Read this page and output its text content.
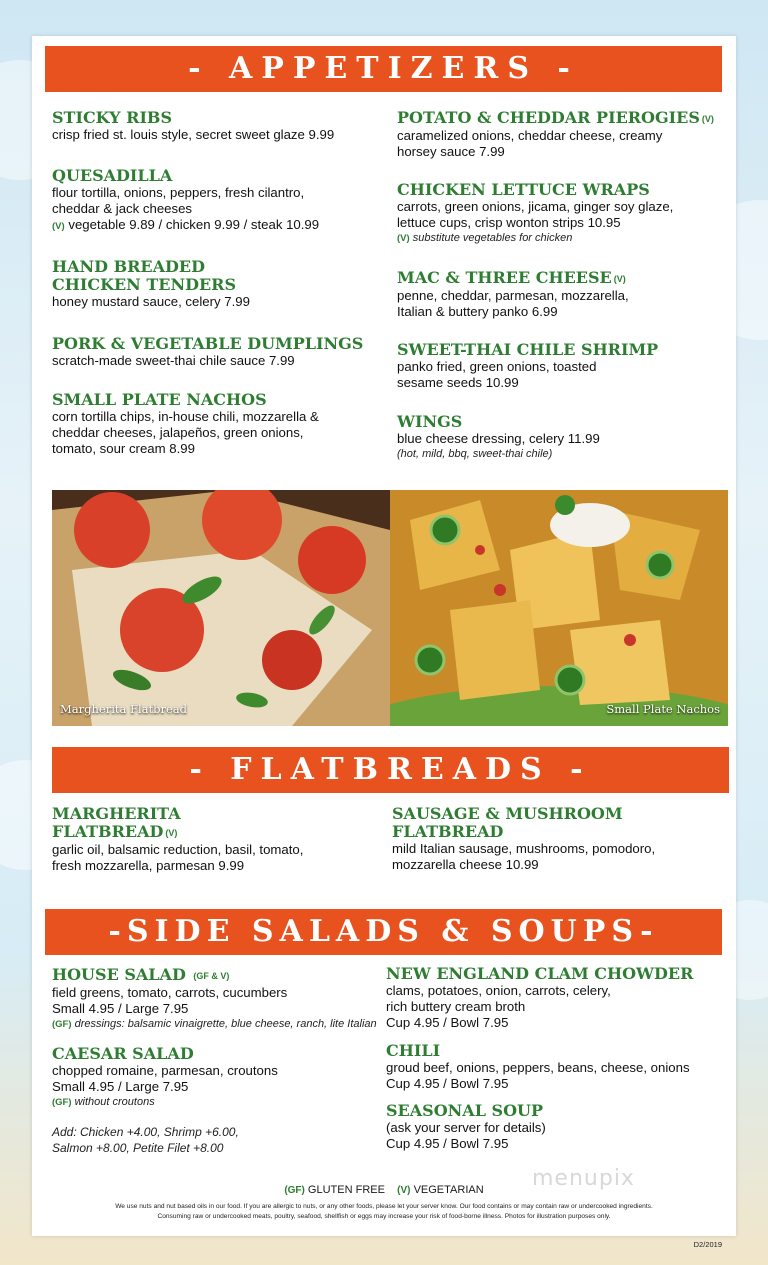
- APPETIZERS -
STICKY RIBS
crisp fried st. louis style, secret sweet glaze 9.99
QUESADILLA
flour tortilla, onions, peppers, fresh cilantro, cheddar & jack cheeses
(V) vegetable 9.89 / chicken 9.99 / steak 10.99
HAND BREADED
CHICKEN TENDERS
honey mustard sauce, celery 7.99
PORK & VEGETABLE DUMPLINGS
scratch-made sweet-thai chile sauce 7.99
SMALL PLATE NACHOS
corn tortilla chips, in-house chili, mozzarella & cheddar cheeses, jalapeños, green onions, tomato, sour cream 8.99
POTATO & CHEDDAR PIEROGIES (V)
caramelized onions, cheddar cheese, creamy horsey sauce 7.99
CHICKEN LETTUCE WRAPS
carrots, green onions, jicama, ginger soy glaze, lettuce cups, crisp wonton strips 10.95
(V) substitute vegetables for chicken
MAC & THREE CHEESE (V)
penne, cheddar, parmesan, mozzarella, Italian & buttery panko 6.99
SWEET-THAI CHILE SHRIMP
panko fried, green onions, toasted sesame seeds 10.99
WINGS
blue cheese dressing, celery 11.99
(hot, mild, bbq, sweet-thai chile)
Margherita Flatbread	Small Plate Nachos
- FLATBREADS -
MARGHERITA
FLATBREAD (V)
garlic oil, balsamic reduction, basil, tomato, fresh mozzarella, parmesan 9.99
SAUSAGE & MUSHROOM
FLATBREAD
mild Italian sausage, mushrooms, pomodoro, mozzarella cheese 10.99
-SIDE SALADS & SOUPS-
HOUSE SALAD (GF & V)
field greens, tomato, carrots, cucumbers
Small 4.95 / Large 7.95
(GF) dressings: balsamic vinaigrette, blue cheese, ranch, lite Italian
CAESAR SALAD
chopped romaine, parmesan, croutons
Small 4.95 / Large 7.95
(GF) without croutons
Add: Chicken +4.00, Shrimp +6.00,
Salmon +8.00, Petite Filet +8.00
NEW ENGLAND CLAM CHOWDER
clams, potatoes, onion, carrots, celery, rich buttery cream broth
Cup 4.95 / Bowl 7.95
CHILI
groud beef, onions, peppers, beans, cheese, onions
Cup 4.95 / Bowl 7.95
SEASONAL SOUP
(ask your server for details)
Cup 4.95 / Bowl 7.95
menupix
(GF) GLUTEN FREE (V) VEGETARIAN
We use nuts and nut based oils in our food. If you are allergic to nuts, or any other foods, please let your server know. Our food contains or may contain raw or undercooked ingredients.
Consuming raw or undercooked meats, poultry, seafood, shellfish or eggs may increase your risk of food-borne illness. Photos for illustration purposes only.
D2/2019
